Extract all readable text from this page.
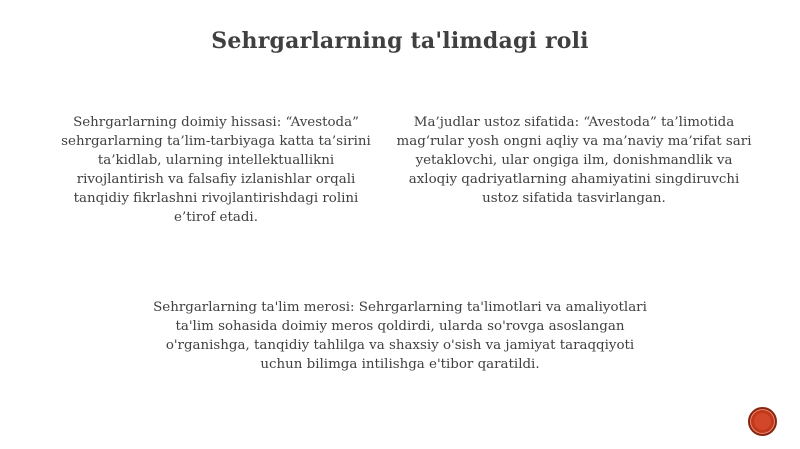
Sehrgarlarning ta'limdagi roli
Sehrgarlarning doimiy hissasi: “Avestoda” sehrgarlarning ta’lim-tarbiyaga katta ta’sirini ta’kidlab, ularning intellektuallikni rivojlantirish va falsafiy izlanishlar orqali tanqidiy fikrlashni rivojlantirishdagi rolini e’tirof etadi.
Ma’judlar ustoz sifatida: “Avestoda” ta’limotida mag‘rular yosh ongni aqliy va ma’naviy ma’rifat sari yetaklovchi, ular ongiga ilm, donishmandlik va axloqiy qadriyatlarning ahamiyatini singdiruvchi ustoz sifatida tasvirlangan.
Sehrgarlarning ta'lim merosi: Sehrgarlarning ta'limotlari va amaliyotlari ta'lim sohasida doimiy meros qoldirdi, ularda so'rovga asoslangan o'rganishga, tanqidiy tahlilga va shaxsiy o'sish va jamiyat taraqqiyoti uchun bilimga intilishga e'tibor qaratildi.
